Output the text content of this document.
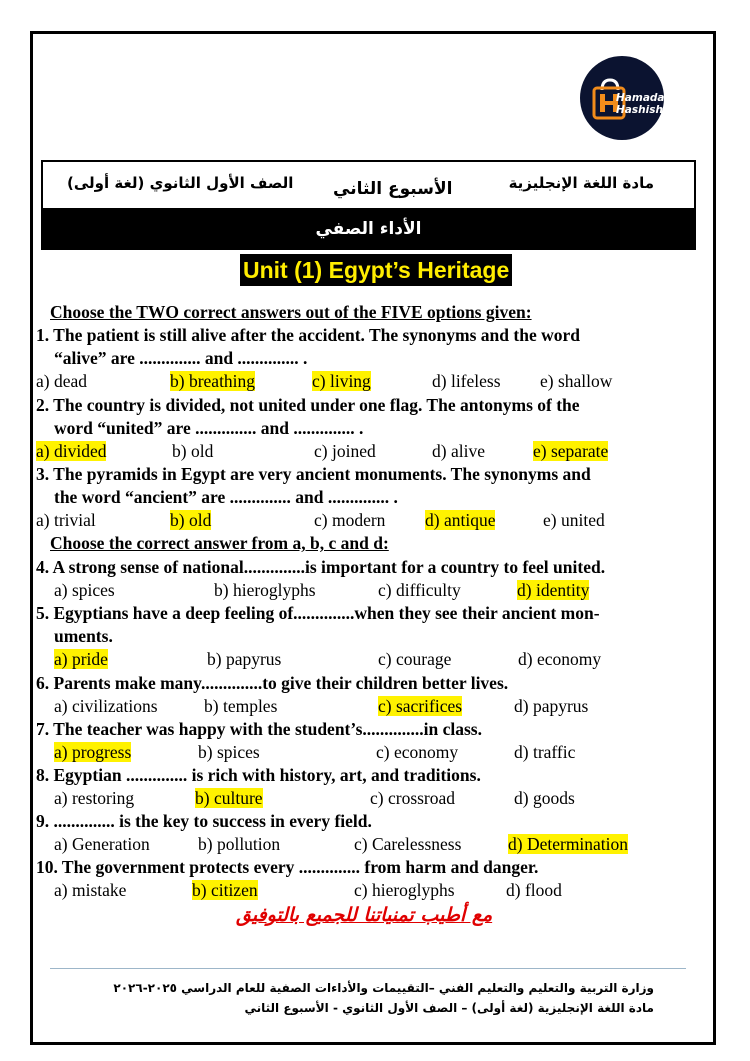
Hamada
Hashish
مادة اللغة الإنجليزية
الأسبوع الثاني
الصف الأول الثانوي (لغة أولى)
الأداء الصفي
Unit (1) Egypt’s Heritage
Choose the TWO correct answers out of the FIVE options given:
1. The patient is still alive after the accident. The synonyms and the word
“alive” are .............. and .............. .
a) dead	b) breathing	c) living	d) lifeless e) shallow
2. The country is divided, not united under one flag. The antonyms of the
word “united” are .............. and .............. .
a) divided	b) old	c) joined	d) alive	e) separate
3. The pyramids in Egypt are very ancient monuments. The synonyms and
the word “ancient” are .............. and .............. .
a) trivial	b) old	c) modern d) antique	e) united
Choose the correct answer from a, b, c and d:
4. A strong sense of national..............is important for a country to feel united.
a) spices	b) hieroglyphs	c) difficulty	d) identity
5. Egyptians have a deep feeling of..............when they see their ancient mon-
uments.
a) pride	b) papyrus	c) courage	d) economy
6. Parents make many..............to give their children better lives.
a) civilizations	b) temples	c) sacrifices	d) papyrus
7. The teacher was happy with the student’s..............in class.
a) progress	b) spices	c) economy	d) traffic
8. Egyptian .............. is rich with history, art, and traditions.
a) restoring	b) culture	c) crossroad	d) goods
9. .............. is the key to success in every field.
a) Generation	b) pollution	c) Carelessness	d) Determination
10. The government protects every .............. from harm and danger.
a) mistake	b) citizen	c) hieroglyphs	d) flood
مع أطيب تمنياتنا للجميع بالتوفيق
وزارة التربية والتعليم والتعليم الفني –التقييمات والأداءات الصفية للعام الدراسي ٢٠٢٥-٢٠٢٦
مادة اللغة الإنجليزية (لغة أولى) – الصف الأول الثانوي - الأسبوع الثاني
